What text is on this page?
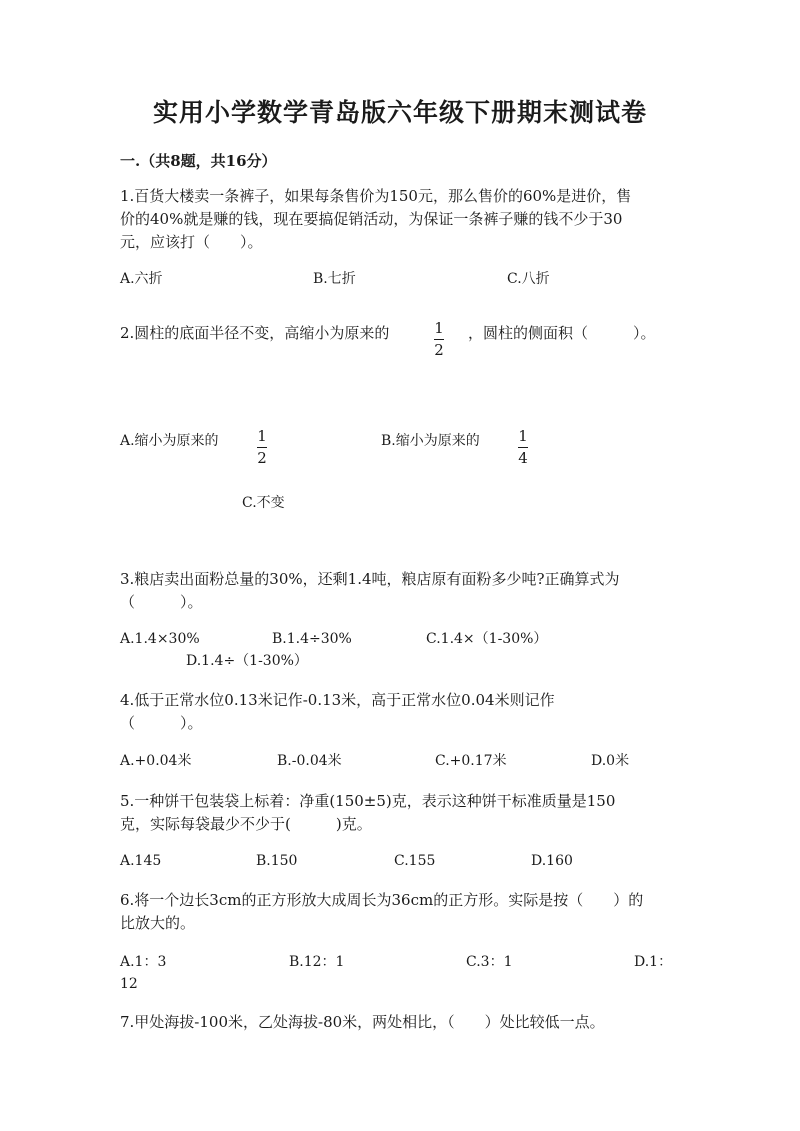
实用小学数学青岛版六年级下册期末测试卷
一.（共8题，共16分）
1.百货大楼卖一条裤子，如果每条售价为150元，那么售价的60%是进价，售
价的40%就是赚的钱，现在要搞促销活动，为保证一条裤子赚的钱不少于30
元，应该打（　　）。
A.六折	B.七折	C.八折
2.圆柱的底面半径不变，高缩小为原来的	$\frac{1}{2}$ ，圆柱的侧面积（　　　）。
A.缩小为原来的	$\frac{1}{2}$	B.缩小为原来的	$\frac{1}{4}$
C.不变
3.粮店卖出面粉总量的30%，还剩1.4吨，粮店原有面粉多少吨?正确算式为
（　　　）。
A.1.4×30%	B.1.4÷30%	C.1.4×（1-30%）
D.1.4÷（1-30%）
4.低于正常水位0.13米记作-0.13米，高于正常水位0.04米则记作
（　　　）。
A.+0.04米	B.-0.04米	C.+0.17米	D.0米
5.一种饼干包装袋上标着：净重(150±5)克，表示这种饼干标准质量是150
克，实际每袋最少不少于(　　　)克。
A.145	B.150	C.155	D.160
6.将一个边长3cm的正方形放大成周长为36cm的正方形。实际是按（　　）的
比放大的。
A.1：3	B.12：1	C.3：1	D.1：
12
7.甲处海拔-100米，乙处海拔-80米，两处相比，（　　）处比较低一点。
